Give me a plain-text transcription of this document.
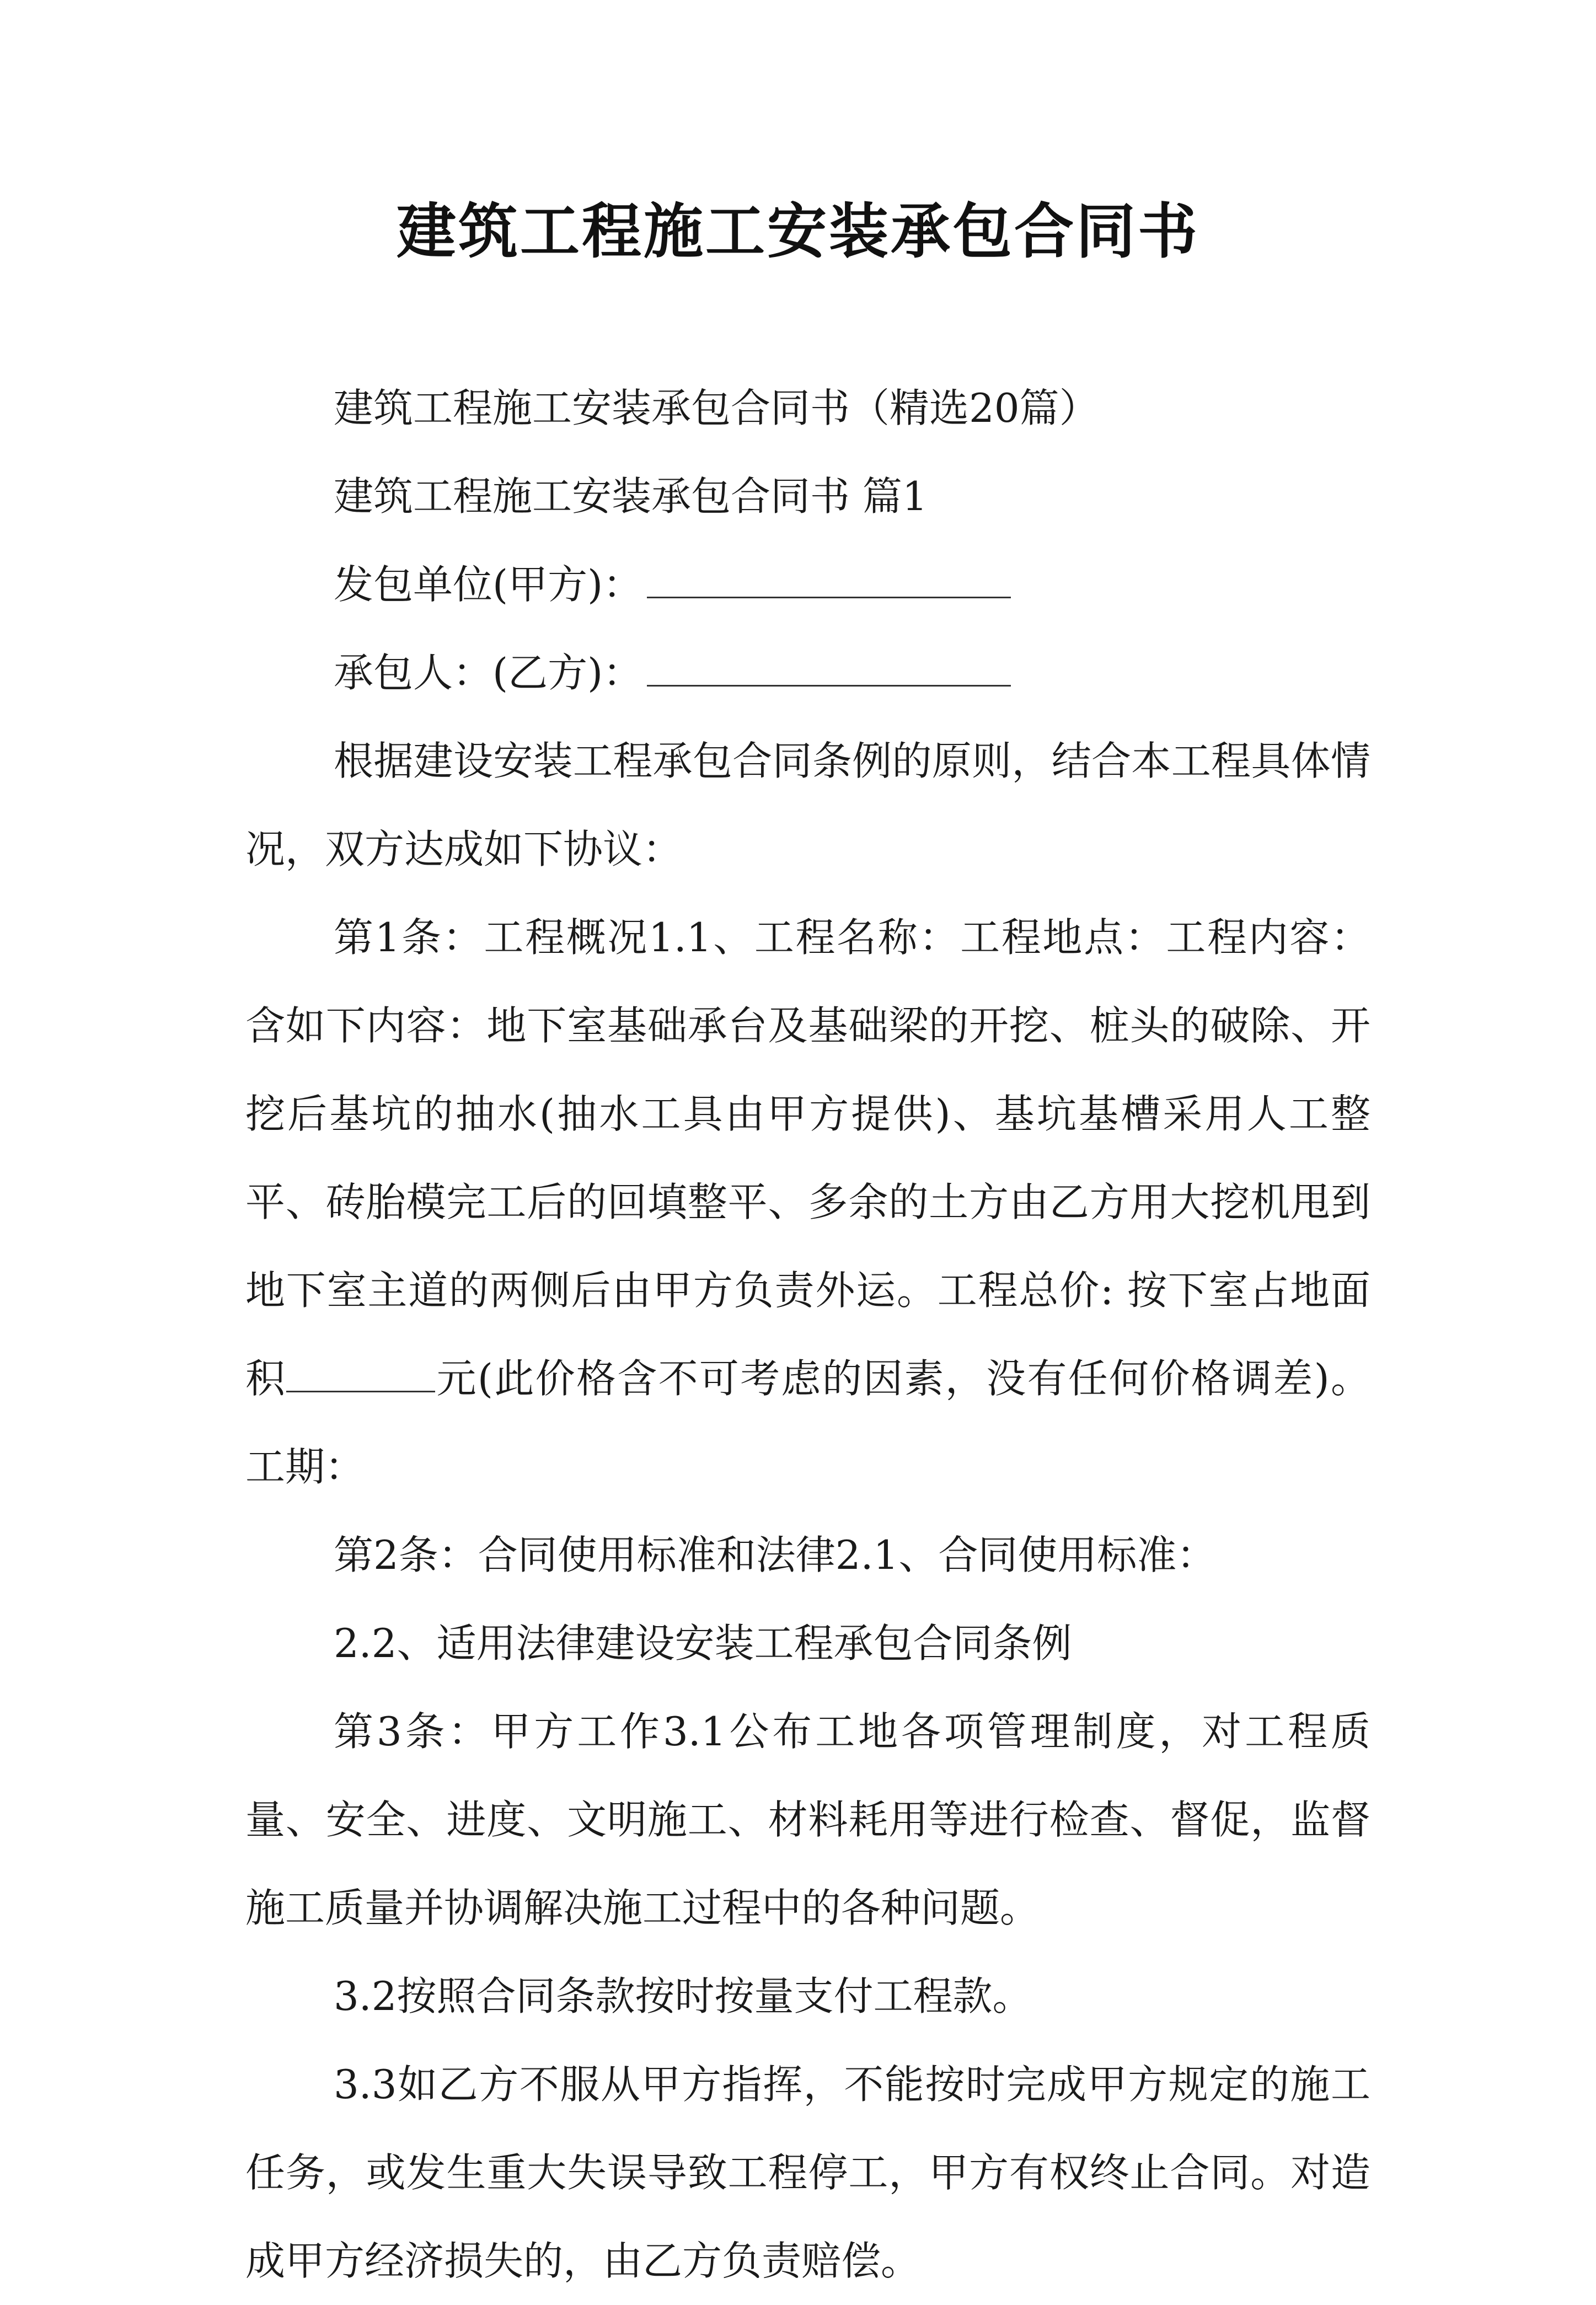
建筑工程施工安装承包合同书

建筑工程施工安装承包合同书（精选20篇）

建筑工程施工安装承包合同书 篇1

发包单位(甲方)：

承包人：(乙方)：

根据建设安装工程承包合同条例的原则，结合本工程具体情况，双方达成如下协议：

第1条：工程概况1.1、工程名称：工程地点：工程内容：含如下内容：地下室基础承台及基础梁的开挖、桩头的破除、开挖后基坑的抽水(抽水工具由甲方提供)、基坑基槽采用人工整平、砖胎模完工后的回填整平、多余的土方由乙方用大挖机甩到地下室主道的两侧后由甲方负责外运。工程总价: 按下室占地面积	元(此价格含不可考虑的因素，没有任何价格调差)。工期：

第2条：合同使用标准和法律2.1、合同使用标准：

2.2、适用法律建设安装工程承包合同条例

第3条：甲方工作3.1公布工地各项管理制度，对工程质量、安全、进度、文明施工、材料耗用等进行检查、督促，监督施工质量并协调解决施工过程中的各种问题。

3.2按照合同条款按时按量支付工程款。

3.3如乙方不服从甲方指挥，不能按时完成甲方规定的施工任务，或发生重大失误导致工程停工，甲方有权终止合同。对造成甲方经济损失的，由乙方负责赔偿。
